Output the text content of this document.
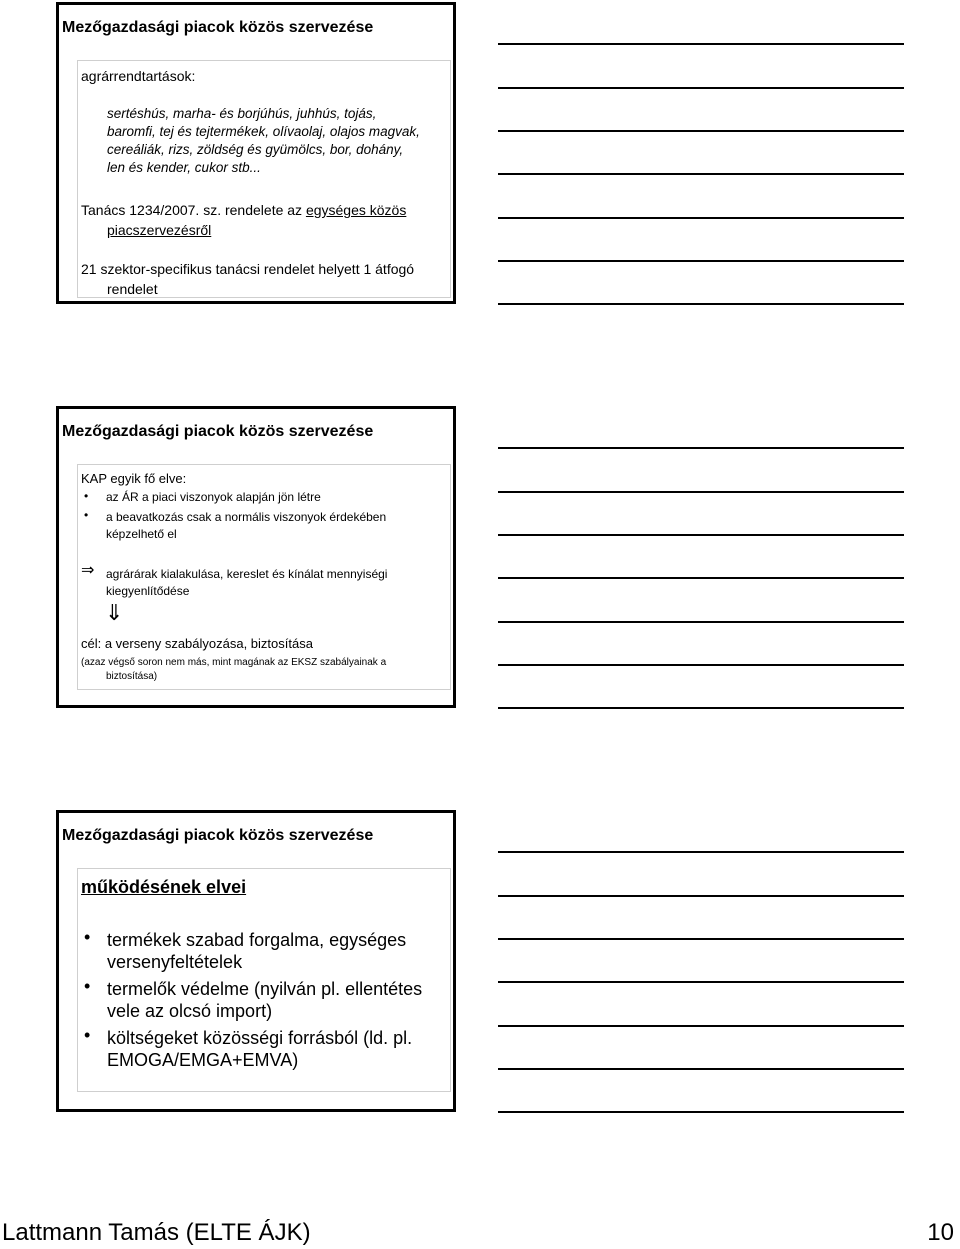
Mezőgazdasági piacok közös szervezése
agrárrendtartások:
sertéshús, marha- és borjúhús, juhhús, tojás,
baromfi, tej és tejtermékek, olívaolaj, olajos magvak,
cereáliák, rizs, zöldség és gyümölcs, bor, dohány,
len és kender, cukor stb...
Tanács 1234/2007. sz. rendelete az egységes közös
piacszervezésről
21 szektor-specifikus tanácsi rendelet helyett 1 átfogó
rendelet
Mezőgazdasági piacok közös szervezése
KAP egyik fő elve:
• az ÁR a piaci viszonyok alapján jön létre
• a beavatkozás csak a normális viszonyok érdekében
képzelhető el
⇒ agrárárak kialakulása, kereslet és kínálat mennyiségi
kiegyenlítődése
⇓
cél: a verseny szabályozása, biztosítása
(azaz végső soron nem más, mint magának az EKSZ szabályainak a
biztosítása)
Mezőgazdasági piacok közös szervezése
működésének elvei
• termékek szabad forgalma, egységes
versenyfeltételek
• termelők védelme (nyilván pl. ellentétes
vele az olcsó import)
• költségeket közösségi forrásból (ld. pl.
EMOGA/EMGA+EMVA)
Lattmann Tamás (ELTE ÁJK)	10
